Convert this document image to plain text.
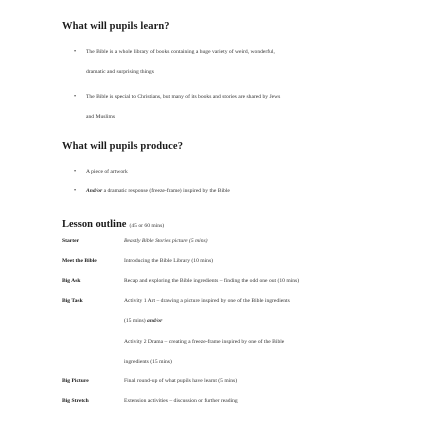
What will pupils learn?
• The Bible is a whole library of books containing a huge variety of weird, wonderful,
dramatic and surprising things
• The Bible is special to Christians, but many of its books and stories are shared by Jews
and Muslims
What will pupils produce?
• A piece of artwork
• And/or a dramatic response (freeze-frame) inspired by the Bible
Lesson outline (45 or 60 mins)
Starter	Beastly Bible Stories picture (5 mins)
Meet the Bible	Introducing the Bible Library (10 mins)
Big Ask	Recap and exploring the Bible ingredients – finding the odd one out (10 mins)
Big Task	Activity 1 Art – drawing a picture inspired by one of the Bible ingredients
(15 mins) and/or
Activity 2 Drama – creating a freeze-frame inspired by one of the Bible
ingredients (15 mins)
Big Picture	Final round-up of what pupils have learnt (5 mins)
Big Stretch	Extension activities – discussion or further reading
